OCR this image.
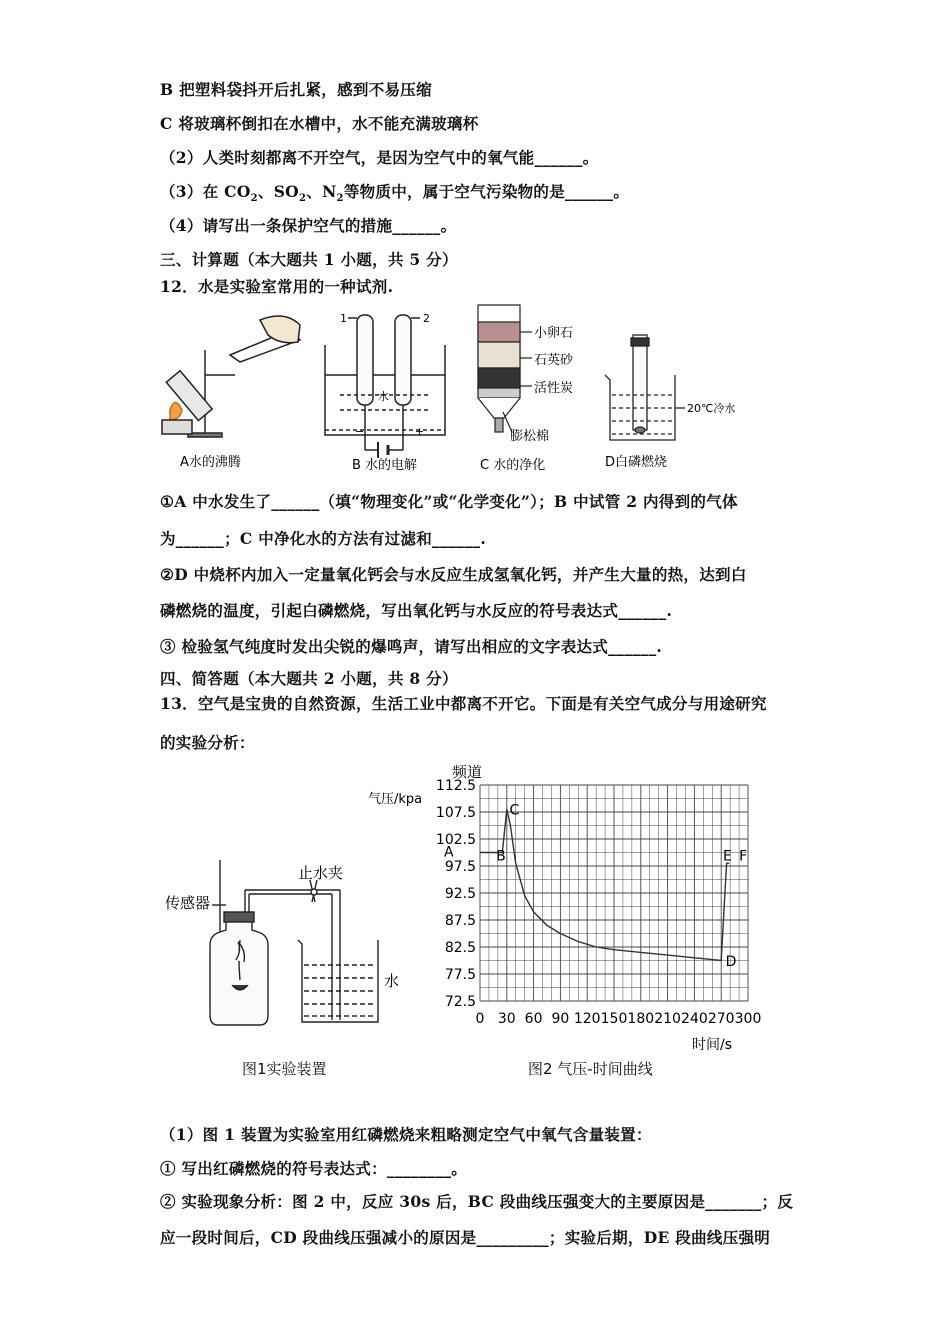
B 把塑料袋抖开后扎紧，感到不易压缩
C 将玻璃杯倒扣在水槽中，水不能充满玻璃杯
（2）人类时刻都离不开空气，是因为空气中的氧气能______。
（3）在 $CO_2$、$SO_2$、$N_2$等物质中，属于空气污染物的是______。
（4）请写出一条保护空气的措施______。
三、计算题（本大题共 1 小题，共 5 分）
12．水是实验室常用的一种试剂.
A水的沸腾
1	2
水
−	+
B 水的电解
小卵石
石英砂
活性炭
膨松棉
C 水的净化
20℃冷水
D白磷燃烧
①A 中水发生了______（填“物理变化”或“化学变化”）；B 中试管 2 内得到的气体
为______；C 中净化水的方法有过滤和______.
②D 中烧杯内加入一定量氧化钙会与水反应生成氢氧化钙，并产生大量的热，达到白
磷燃烧的温度，引起白磷燃烧，写出氧化钙与水反应的符号表达式______.
③ 检验氢气纯度时发出尖锐的爆鸣声，请写出相应的文字表达式______.
四、简答题（本大题共 2 小题，共 8 分）
13．空气是宝贵的自然资源，生活工业中都离不开它。下面是有关空气成分与用途研究
的实验分析：
传感器
止水夹
水
图1实验装置
0 30 60 90 120 150 180 210 240 270 300
72.5
77.5
82.5
87.5
92.5
97.5
102.5
107.5
112.5
A	B
C
D
E F
频道
气压/kpa
时间/s
图2 气压-时间曲线
（1）图 1 装置为实验室用红磷燃烧来粗略测定空气中氧气含量装置：
① 写出红磷燃烧的符号表达式：________。
② 实验现象分析：图 2 中，反应 30s 后，BC 段曲线压强变大的主要原因是_______；反
应一段时间后，CD 段曲线压强减小的原因是_________；实验后期，DE 段曲线压强明
